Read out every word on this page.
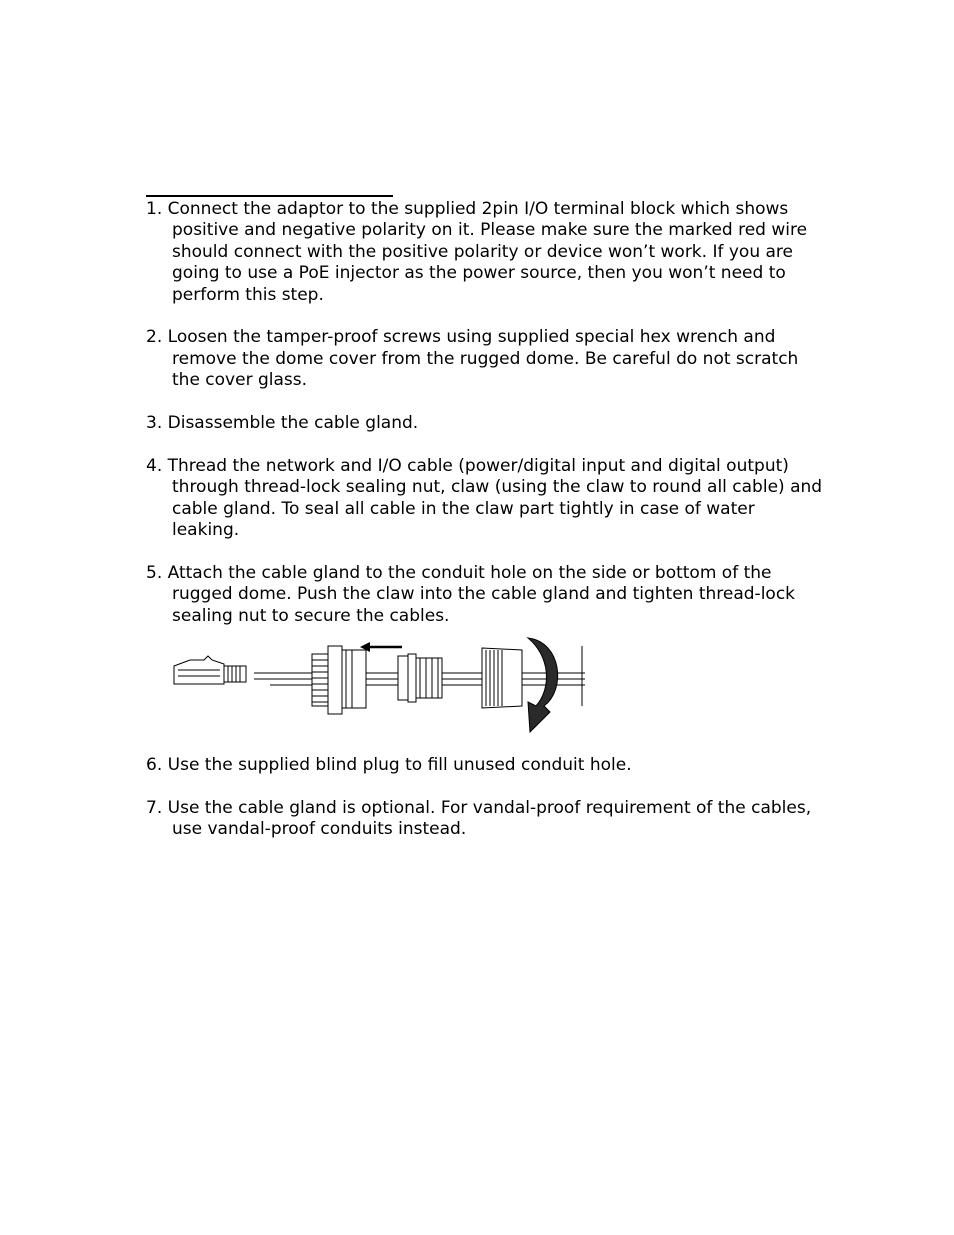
1. Connect the adaptor to the supplied 2pin I/O terminal block which shows positive and negative polarity on it. Please make sure the marked red wire should connect with the positive polarity or device won’t work. If you are going to use a PoE injector as the power source, then you won’t need to perform this step.
2. Loosen the tamper-proof screws using supplied special hex wrench and remove the dome cover from the rugged dome. Be careful do not scratch the cover glass.
3. Disassemble the cable gland.
4. Thread the network and I/O cable (power/digital input and digital output) through thread-lock sealing nut, claw (using the claw to round all cable) and cable gland. To seal all cable in the claw part tightly in case of water leaking.
5. Attach the cable gland to the conduit hole on the side or bottom of the rugged dome. Push the claw into the cable gland and tighten thread-lock sealing nut to secure the cables.
6. Use the supplied blind plug to fill unused conduit hole.
7. Use the cable gland is optional. For vandal-proof requirement of the cables, use vandal-proof conduits instead.
